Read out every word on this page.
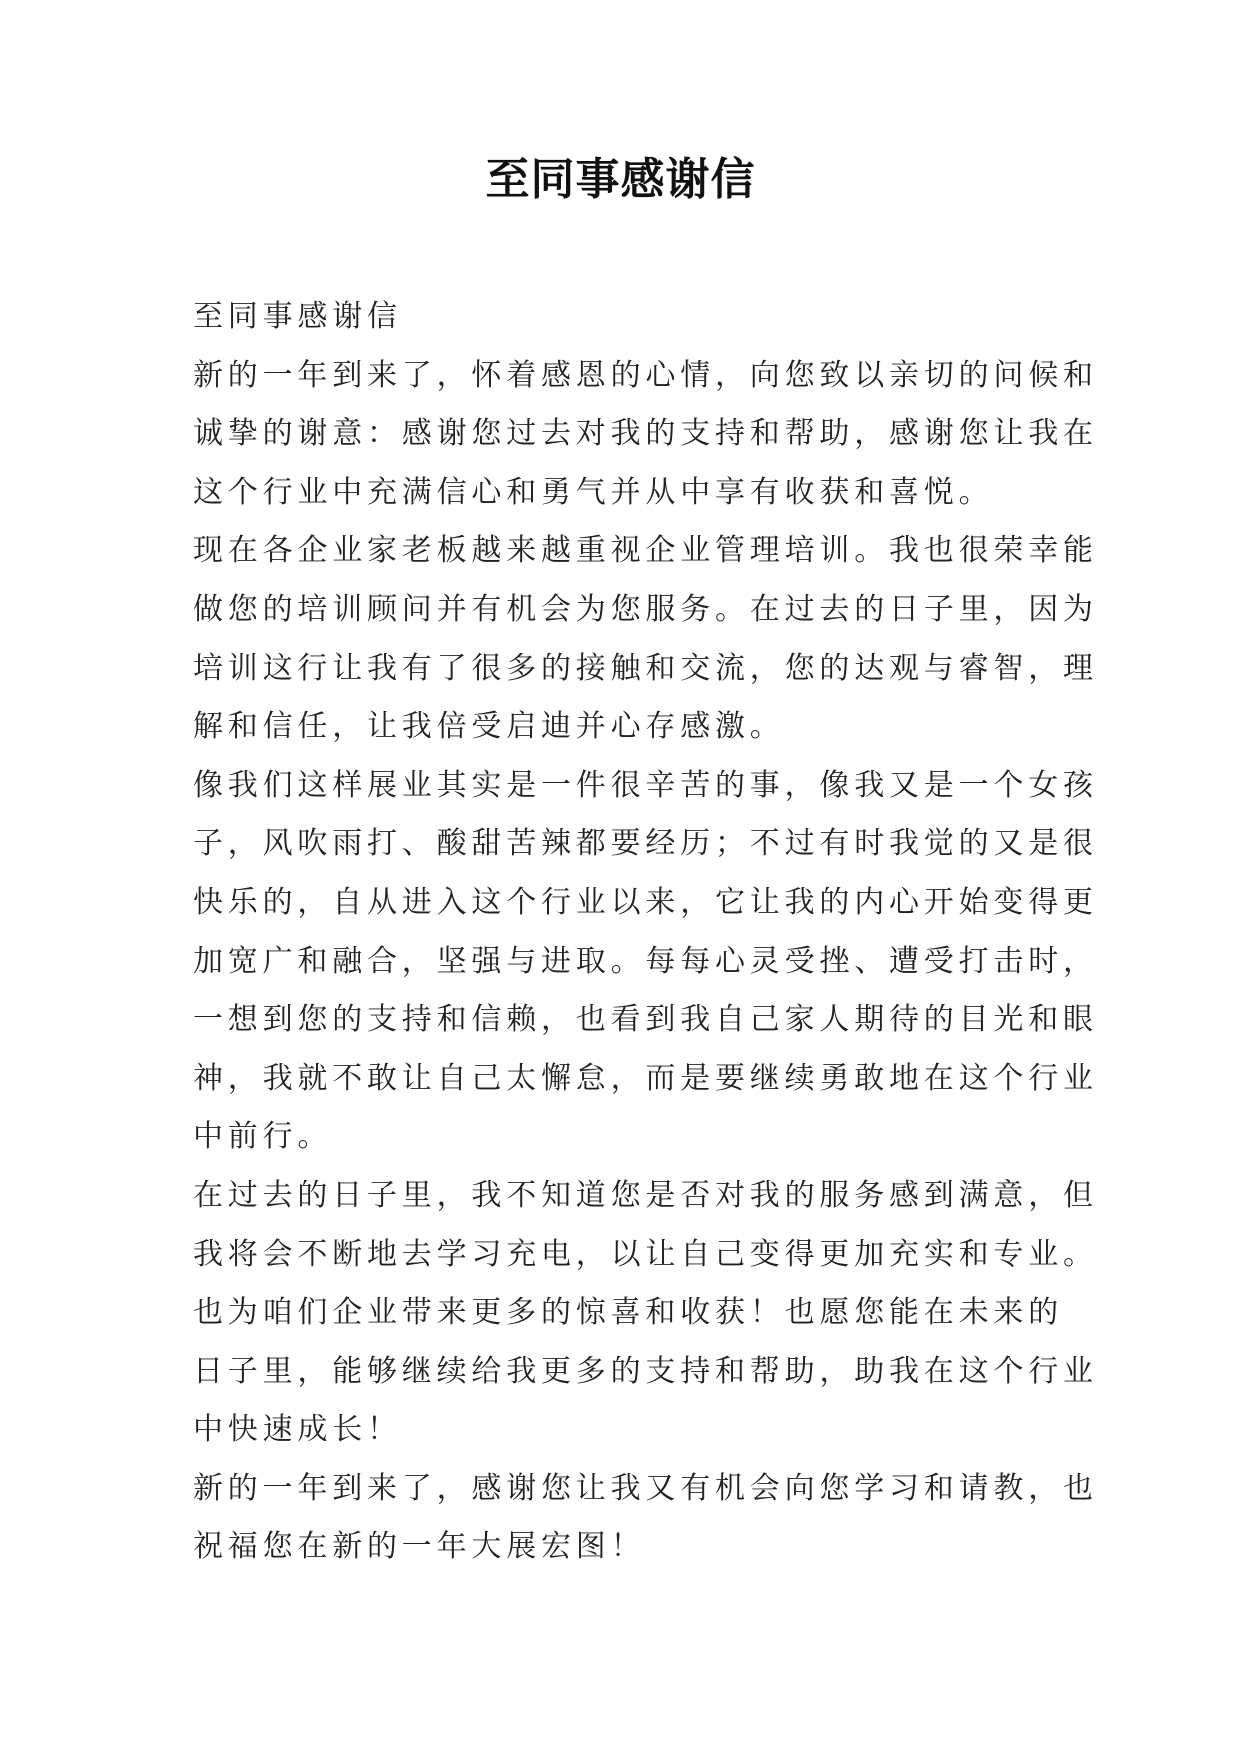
至同事感谢信
至同事感谢信
新的一年到来了，怀着感恩的心情，向您致以亲切的问候和
诚挚的谢意：感谢您过去对我的支持和帮助，感谢您让我在
这个行业中充满信心和勇气并从中享有收获和喜悦。
现在各企业家老板越来越重视企业管理培训。我也很荣幸能
做您的培训顾问并有机会为您服务。在过去的日子里，因为
培训这行让我有了很多的接触和交流，您的达观与睿智，理
解和信任，让我倍受启迪并心存感激。
像我们这样展业其实是一件很辛苦的事，像我又是一个女孩
子，风吹雨打、酸甜苦辣都要经历；不过有时我觉的又是很
快乐的，自从进入这个行业以来，它让我的内心开始变得更
加宽广和融合，坚强与进取。每每心灵受挫、遭受打击时，
一想到您的支持和信赖，也看到我自己家人期待的目光和眼
神，我就不敢让自己太懈怠，而是要继续勇敢地在这个行业
中前行。
在过去的日子里，我不知道您是否对我的服务感到满意，但
我将会不断地去学习充电，以让自己变得更加充实和专业。
也为咱们企业带来更多的惊喜和收获！也愿您能在未来的
日子里，能够继续给我更多的支持和帮助，助我在这个行业
中快速成长！
新的一年到来了，感谢您让我又有机会向您学习和请教，也
祝福您在新的一年大展宏图！
